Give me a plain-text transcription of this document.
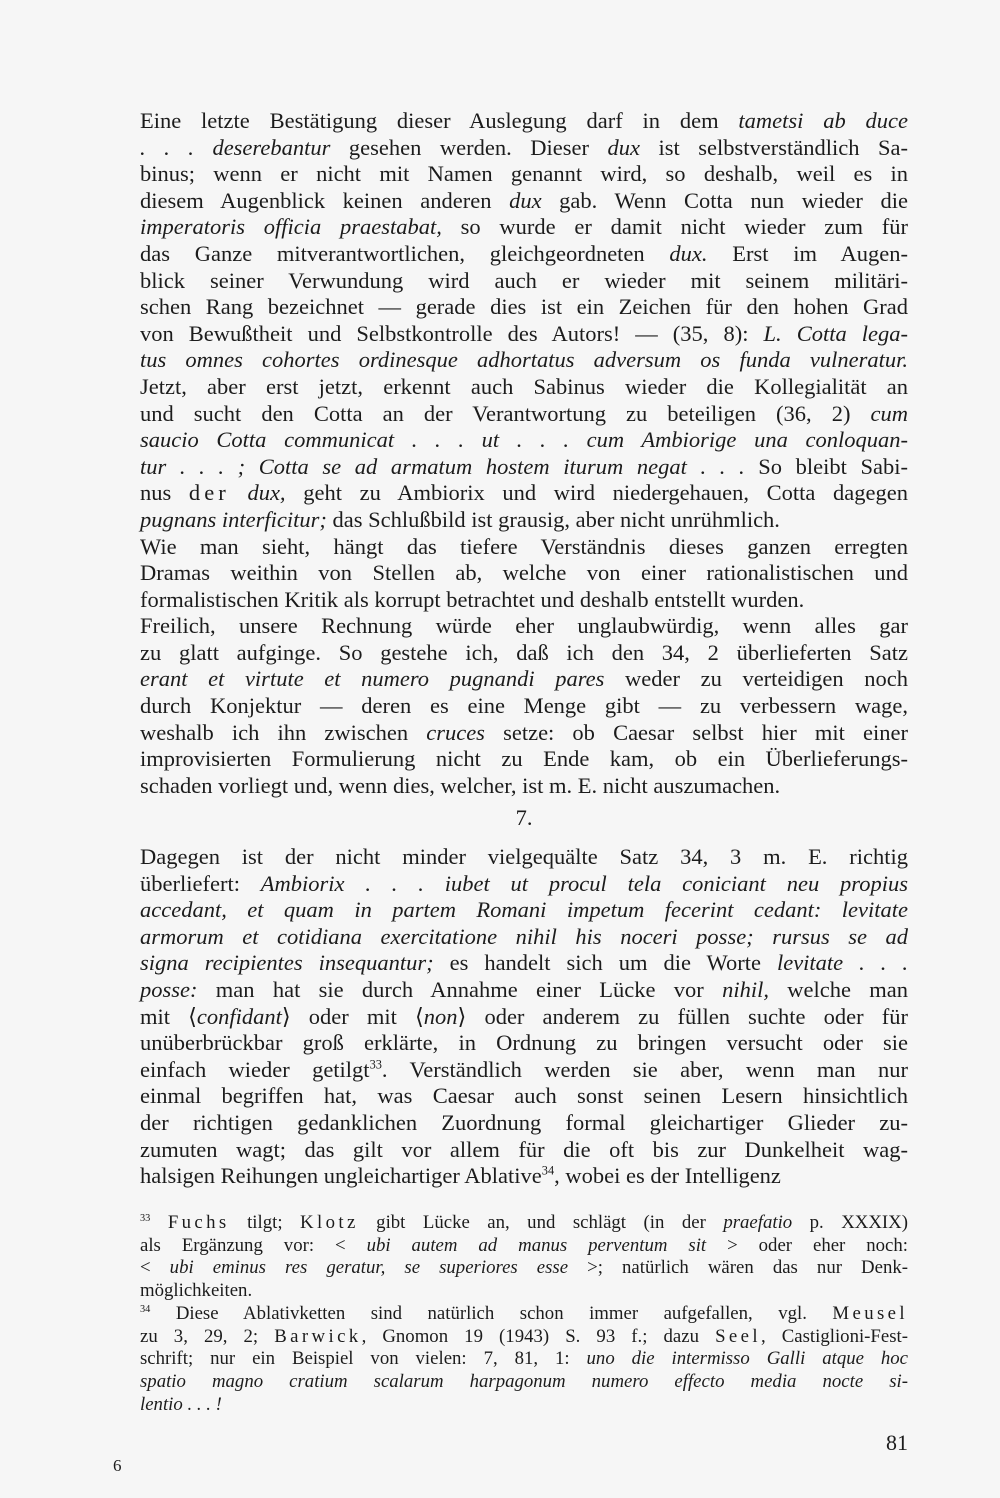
Eine letzte Bestätigung dieser Auslegung darf in dem tametsi ab duce
. . . deserebantur gesehen werden. Dieser dux ist selbstverständlich Sa-
binus; wenn er nicht mit Namen genannt wird, so deshalb, weil es in
diesem Augenblick keinen anderen dux gab. Wenn Cotta nun wieder die
imperatoris officia praestabat, so wurde er damit nicht wieder zum für
das Ganze mitverantwortlichen, gleichgeordneten dux. Erst im Augen-
blick seiner Verwundung wird auch er wieder mit seinem militäri-
schen Rang bezeichnet — gerade dies ist ein Zeichen für den hohen Grad
von Bewußtheit und Selbstkontrolle des Autors! — (35, 8): L. Cotta lega-
tus omnes cohortes ordinesque adhortatus adversum os funda vulneratur.
Jetzt, aber erst jetzt, erkennt auch Sabinus wieder die Kollegialität an
und sucht den Cotta an der Verantwortung zu beteiligen (36, 2) cum
saucio Cotta communicat . . . ut . . . cum Ambiorige una conloquan-
tur . . . ; Cotta se ad armatum hostem iturum negat . . . So bleibt Sabi-
nus der dux, geht zu Ambiorix und wird niedergehauen, Cotta dagegen
pugnans interficitur; das Schlußbild ist grausig, aber nicht unrühmlich.
Wie man sieht, hängt das tiefere Verständnis dieses ganzen erregten
Dramas weithin von Stellen ab, welche von einer rationalistischen und
formalistischen Kritik als korrupt betrachtet und deshalb entstellt wurden.
Freilich, unsere Rechnung würde eher unglaubwürdig, wenn alles gar
zu glatt aufginge. So gestehe ich, daß ich den 34, 2 überlieferten Satz
erant et virtute et numero pugnandi pares weder zu verteidigen noch
durch Konjektur — deren es eine Menge gibt — zu verbessern wage,
weshalb ich ihn zwischen cruces setze: ob Caesar selbst hier mit einer
improvisierten Formulierung nicht zu Ende kam, ob ein Überlieferungs-
schaden vorliegt und, wenn dies, welcher, ist m. E. nicht auszumachen.
7.
Dagegen ist der nicht minder vielgequälte Satz 34, 3 m. E. richtig
überliefert: Ambiorix . . . iubet ut procul tela coniciant neu propius
accedant, et quam in partem Romani impetum fecerint cedant: levitate
armorum et cotidiana exercitatione nihil his noceri posse; rursus se ad
signa recipientes insequantur; es handelt sich um die Worte levitate . . .
posse: man hat sie durch Annahme einer Lücke vor nihil, welche man
mit ⟨confidant⟩ oder mit ⟨non⟩ oder anderem zu füllen suchte oder für
unüberbrückbar groß erklärte, in Ordnung zu bringen versucht oder sie
einfach wieder getilgt$^{33}$. Verständlich werden sie aber, wenn man nur
einmal begriffen hat, was Caesar auch sonst seinen Lesern hinsichtlich
der richtigen gedanklichen Zuordnung formal gleichartiger Glieder zu-
zumuten wagt; das gilt vor allem für die oft bis zur Dunkelheit wag-
halsigen Reihungen ungleichartiger Ablative$^{34}$, wobei es der Intelligenz
$^{33}$ Fuchs tilgt; Klotz gibt Lücke an, und schlägt (in der praefatio p. XXXIX)
als Ergänzung vor: < ubi autem ad manus perventum sit > oder eher noch:
< ubi eminus res geratur, se superiores esse >; natürlich wären das nur Denk-
möglichkeiten.
$^{34}$ Diese Ablativketten sind natürlich schon immer aufgefallen, vgl. Meusel
zu 3, 29, 2; Barwick, Gnomon 19 (1943) S. 93 f.; dazu Seel, Castiglioni-Fest-
schrift; nur ein Beispiel von vielen: 7, 81, 1: uno die intermisso Galli atque hoc
spatio magno cratium scalarum harpagonum numero effecto media nocte si-
lentio . . . !
81
6
